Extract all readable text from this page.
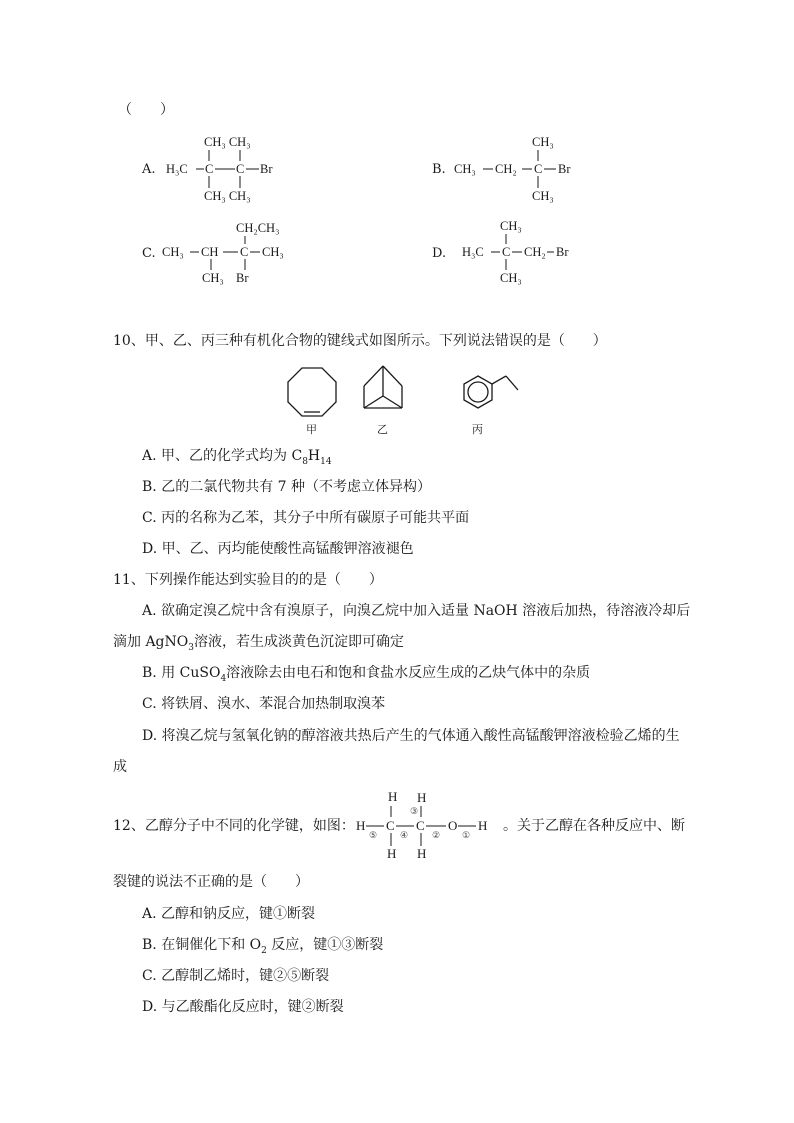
（　　）
A.
CH₃ CH₃
H₃C C C Br
CH₃ CH₃
B.
CH₃
CH₃ CH₂ C Br
CH₃
C.
CH₂CH₃
CH₃ CH C CH₃
CH₃ Br
D.
CH₃
H₃C C CH₂ Br
CH₃
10、甲、乙、丙三种有机化合物的键线式如图所示。下列说法错误的是（　　）
甲	乙	丙
A. 甲、乙的化学式均为 $C_8H_{14}$
B. 乙的二氯代物共有 7 种（不考虑立体异构）
C. 丙的名称为乙苯，其分子中所有碳原子可能共平面
D. 甲、乙、丙均能使酸性高锰酸钾溶液褪色
11、下列操作能达到实验目的的是（　　）
A. 欲确定溴乙烷中含有溴原子，向溴乙烷中加入适量 NaOH 溶液后加热，待溶液冷却后
滴加 AgNO$_3$溶液，若生成淡黄色沉淀即可确定
B. 用 CuSO$_4$溶液除去由电石和饱和食盐水反应生成的乙炔气体中的杂质
C. 将铁屑、溴水、苯混合加热制取溴苯
D. 将溴乙烷与氢氧化钠的醇溶液共热后产生的气体通入酸性高锰酸钾溶液检验乙烯的生
成
12、乙醇分子中不同的化学键，如图： H C C O H
H
H H
⑤	④	② ①
③
H
。关于乙醇在各种反应中、断
裂键的说法不正确的是（　　）
A. 乙醇和钠反应，键①断裂
B. 在铜催化下和 $O_2$ 反应，键①③断裂
C. 乙醇制乙烯时，键②⑤断裂
D. 与乙酸酯化反应时，键②断裂
